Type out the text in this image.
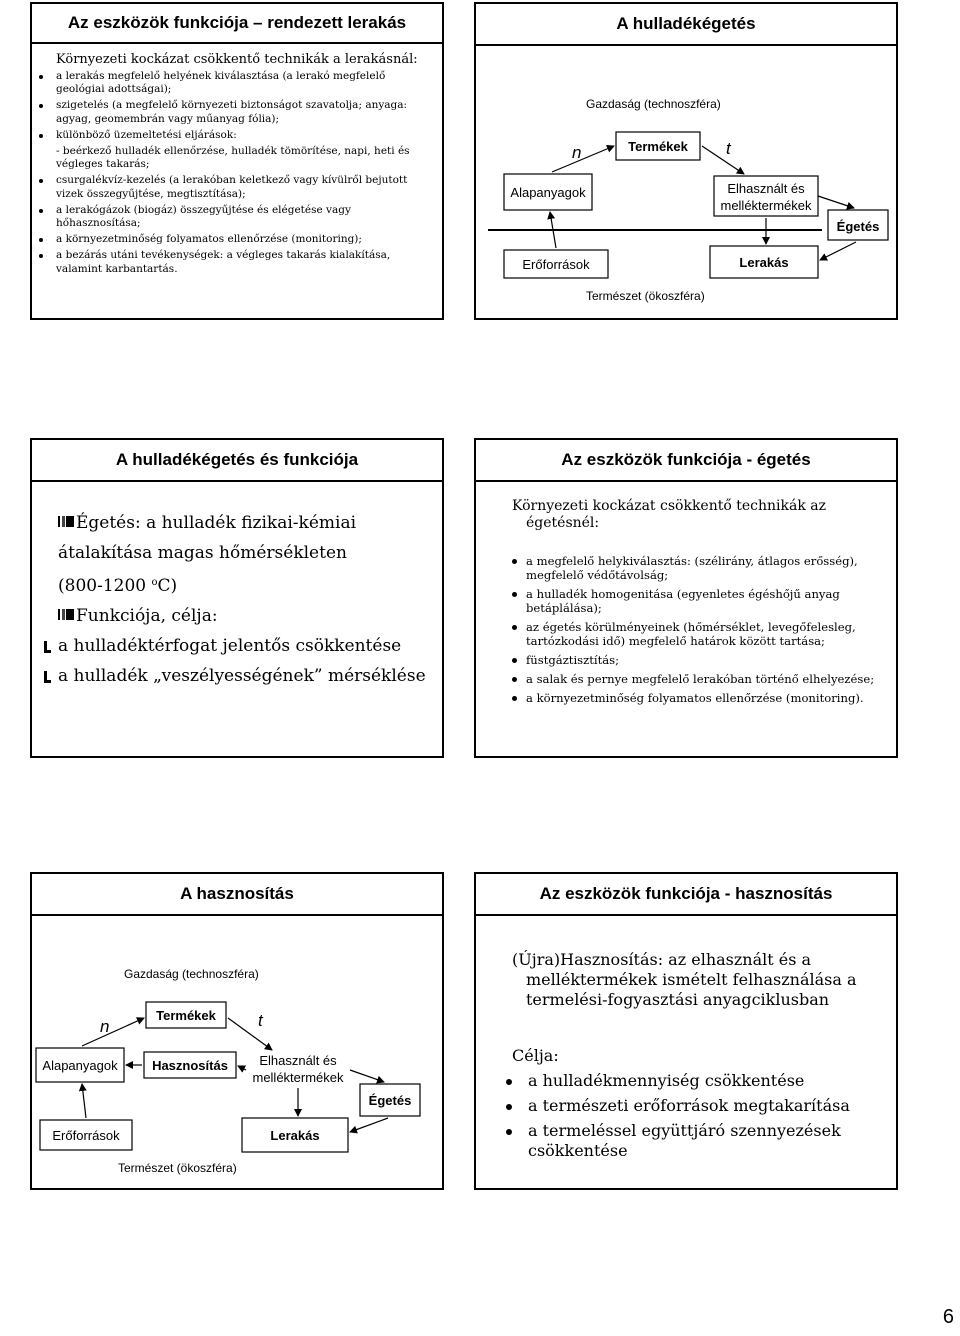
Az eszközök funkciója – rendezett lerakás
Környezeti kockázat csökkentő technikák a lerakásnál:
a lerakás megfelelő helyének kiválasztása (a lerakó megfelelő geológiai adottságai);
szigetelés (a megfelelő környezeti biztonságot szavatolja; anyaga: agyag, geomembrán vagy műanyag fólia);
különböző üzemeltetési eljárások:
- beérkező hulladék ellenőrzése, hulladék tömörítése, napi, heti és végleges takarás;
csurgalékvíz-kezelés (a lerakóban keletkező vagy kívülről bejutott vizek összegyűjtése, megtisztítása);
a lerakógázok (biogáz) összegyűjtése és elégetése vagy hőhasznosítása;
a környezetminőség folyamatos ellenőrzése (monitoring);
a bezárás utáni tevékenységek: a végleges takarás kialakítása, valamint karbantartás.
A hulladékégetés
Gazdaság (technoszféra)
n	t
Termékek
Alapanyagok	Elhasznált és
melléktermékek
Égetés
Erőforrások	Lerakás
Természet (ökoszféra)
A hulladékégetés és funkciója
Égetés: a hulladék fizikai-kémiai
átalakítása magas hőmérsékleten
(800-1200 $^o$C)
Funkciója, célja:
a hulladéktérfogat jelentős csökkentése
a hulladék „veszélyességének” mérséklése
Az eszközök funkciója - égetés
Környezeti kockázat csökkentő technikák az
égetésnél:
a megfelelő helykiválasztás: (szélirány, átlagos erősség), megfelelő védőtávolság;
a hulladék homogenitása (egyenletes égéshőjű anyag betáplálása);
az égetés körülményeinek (hőmérséklet, levegőfelesleg, tartózkodási idő) megfelelő határok között tartása;
füstgáztisztítás;
a salak és pernye megfelelő lerakóban történő elhelyezése;
a környezetminőség folyamatos ellenőrzése (monitoring).
A hasznosítás
Gazdaság (technoszféra)
n	t
Termékek
Alapanyagok	Hasznosítás Elhasznált és
melléktermékek
Égetés
Erőforrások	Lerakás
Természet (ökoszféra)
Az eszközök funkciója - hasznosítás
(Újra)Hasznosítás: az elhasznált és a
melléktermékek ismételt felhasználása a
termelési-fogyasztási anyagciklusban
Célja:
a hulladékmennyiség csökkentése
a természeti erőforrások megtakarítása
a termeléssel együttjáró szennyezések csökkentése
6
